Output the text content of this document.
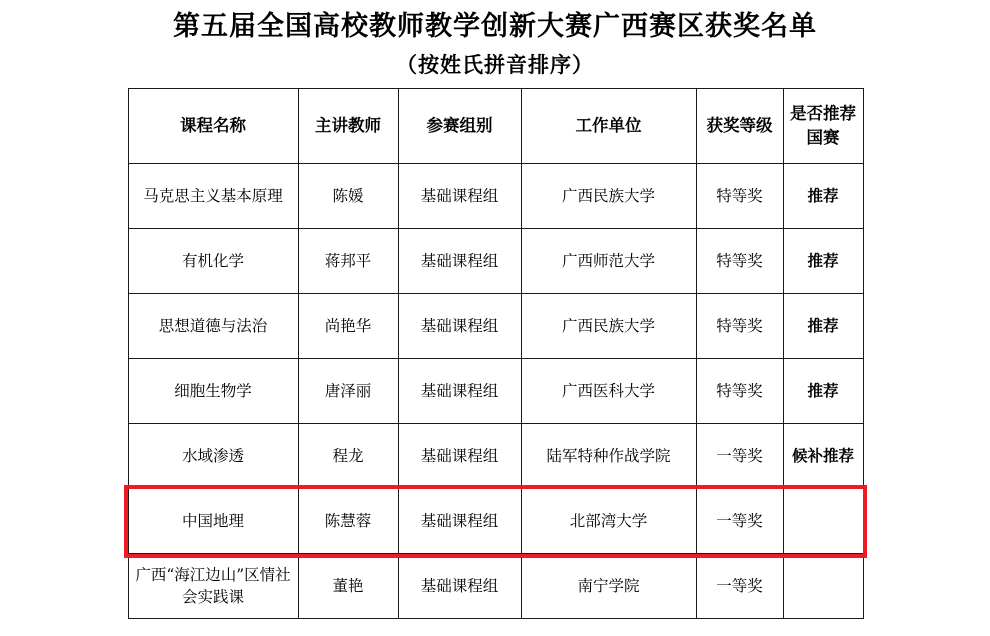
第五届全国高校教师教学创新大赛广西赛区获奖名单
（按姓氏拼音排序）
课程名称	主讲教师	参赛组别	工作单位	获奖等级	是否推荐国赛
马克思主义基本原理	陈媛	基础课程组	广西民族大学	特等奖	推荐
有机化学	蒋邦平	基础课程组	广西师范大学	特等奖	推荐
思想道德与法治	尚艳华	基础课程组	广西民族大学	特等奖	推荐
细胞生物学	唐泽丽	基础课程组	广西医科大学	特等奖	推荐
水域渗透	程龙	基础课程组	陆军特种作战学院	一等奖	候补推荐
中国地理	陈慧蓉	基础课程组	北部湾大学	一等奖	
广西“海江边山”区情社会实践课	董艳	基础课程组	南宁学院	一等奖	
